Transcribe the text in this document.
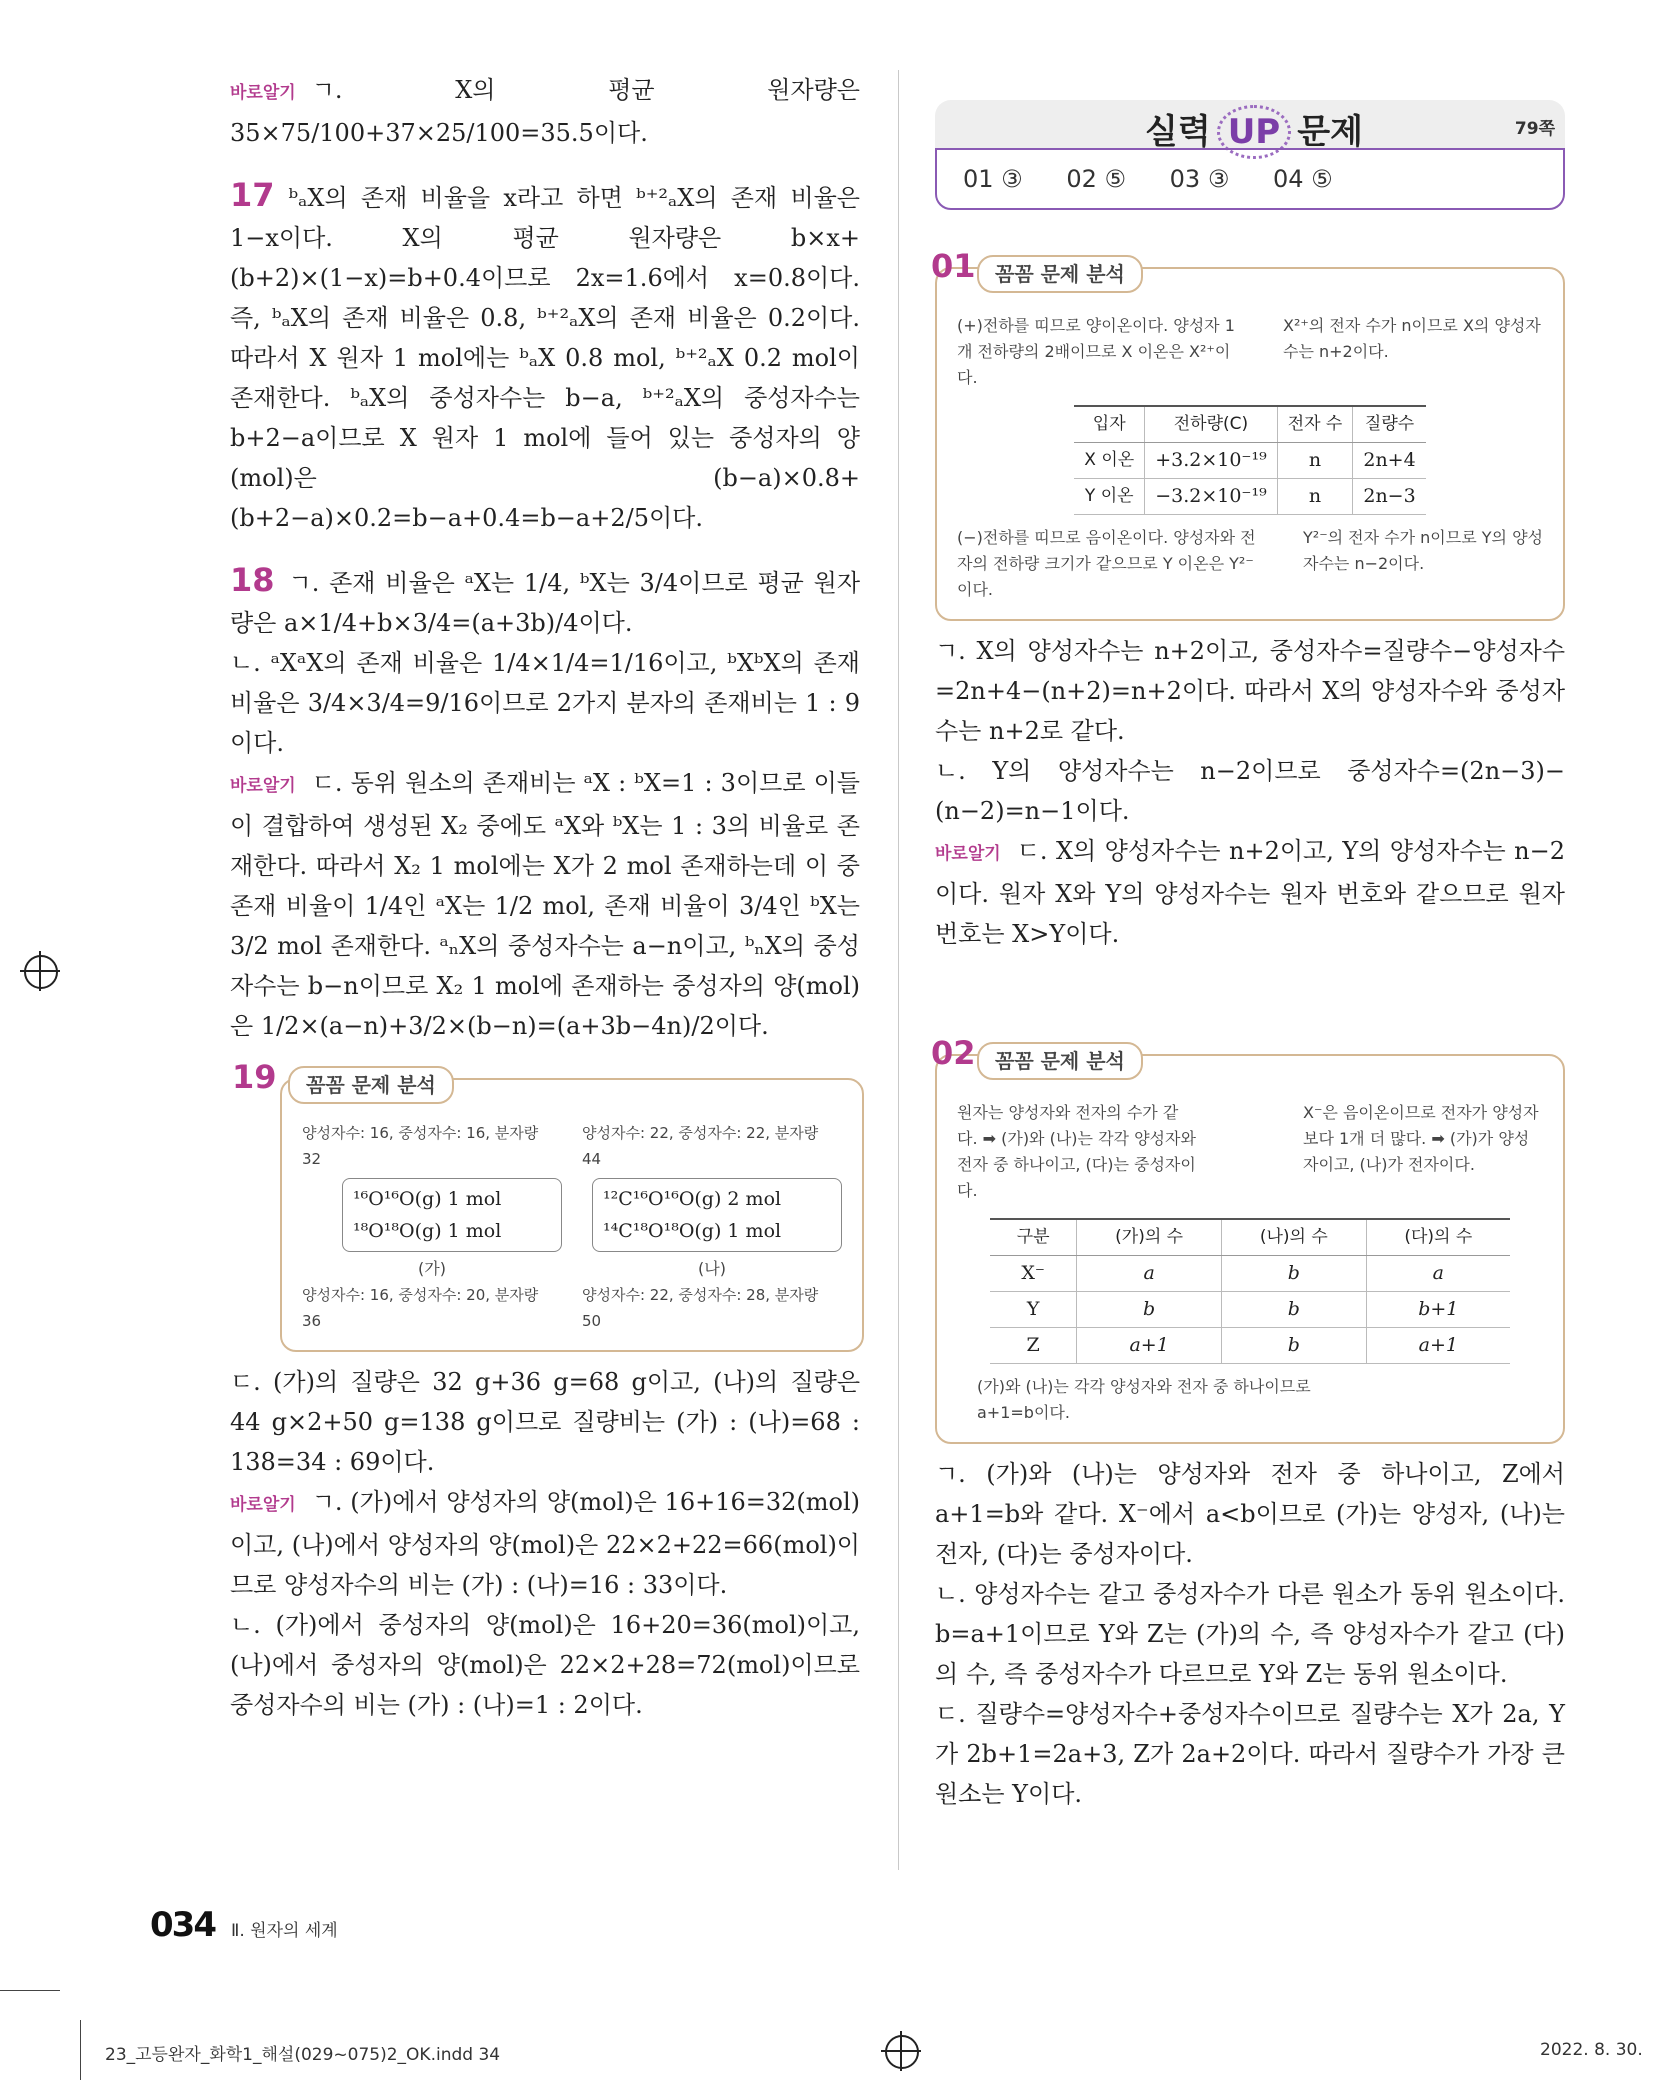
바로알기 ㄱ. X의 평균 원자량은 35×75/100+37×25/100=35.5이다.

17 ᵇₐX의 존재 비율을 x라고 하면 ᵇ⁺²ₐX의 존재 비율은 1−x이다. X의 평균 원자량은 b×x+(b+2)×(1−x)=b+0.4이므로 2x=1.6에서 x=0.8이다. 즉, ᵇₐX의 존재 비율은 0.8, ᵇ⁺²ₐX의 존재 비율은 0.2이다. 따라서 X 원자 1 mol에는 ᵇₐX 0.8 mol, ᵇ⁺²ₐX 0.2 mol이 존재한다. ᵇₐX의 중성자수는 b−a, ᵇ⁺²ₐX의 중성자수는 b+2−a이므로 X 원자 1 mol에 들어 있는 중성자의 양(mol)은 (b−a)×0.8+(b+2−a)×0.2=b−a+0.4=b−a+2/5이다.

18 ㄱ. 존재 비율은 ᵃX는 1/4, ᵇX는 3/4이므로 평균 원자량은 a×1/4+b×3/4=(a+3b)/4이다.

ㄴ. ᵃXᵃX의 존재 비율은 1/4×1/4=1/16이고, ᵇXᵇX의 존재 비율은 3/4×3/4=9/16이므로 2가지 분자의 존재비는 1 : 9이다.

바로알기 ㄷ. 동위 원소의 존재비는 ᵃX : ᵇX=1 : 3이므로 이들이 결합하여 생성된 X₂ 중에도 ᵃX와 ᵇX는 1 : 3의 비율로 존재한다. 따라서 X₂ 1 mol에는 X가 2 mol 존재하는데 이 중 존재 비율이 1/4인 ᵃX는 1/2 mol, 존재 비율이 3/4인 ᵇX는 3/2 mol 존재한다. ᵃₙX의 중성자수는 a−n이고, ᵇₙX의 중성자수는 b−n이므로 X₂ 1 mol에 존재하는 중성자의 양(mol)은 1/2×(a−n)+3/2×(b−n)=(a+3b−4n)/2이다.

19	꼼꼼 문제 분석
양성자수: 16, 중성자수: 16, 분자량 32
¹⁶O¹⁶O(g) 1 mol
¹⁸O¹⁸O(g) 1 mol
(가)
양성자수: 16, 중성자수: 20, 분자량 36
양성자수: 22, 중성자수: 22, 분자량 44
¹²C¹⁶O¹⁶O(g) 2 mol
¹⁴C¹⁸O¹⁸O(g) 1 mol
(나)
양성자수: 22, 중성자수: 28, 분자량 50

ㄷ. (가)의 질량은 32 g+36 g=68 g이고, (나)의 질량은 44 g×2+50 g=138 g이므로 질량비는 (가) : (나)=68 : 138=34 : 69이다.

바로알기 ㄱ. (가)에서 양성자의 양(mol)은 16+16=32(mol)이고, (나)에서 양성자의 양(mol)은 22×2+22=66(mol)이므로 양성자수의 비는 (가) : (나)=16 : 33이다.

ㄴ. (가)에서 중성자의 양(mol)은 16+20=36(mol)이고, (나)에서 중성자의 양(mol)은 22×2+28=72(mol)이므로 중성자수의 비는 (가) : (나)=1 : 2이다.

실력 UP 문제	79쪽
01 ③ 02 ⑤ 03 ③ 04 ⑤
01 꼼꼼 문제 분석
(+)전하를 띠므로 양이온이다. 양성자 1개 전하량의 2배이므로 X 이온은 X²⁺이다.
X²⁺의 전자 수가 n이므로 X의 양성자수는 n+2이다.
입자	전하량(C)	전자 수	질량수
X 이온	+3.2×10⁻¹⁹	n	2n+4
Y 이온	−3.2×10⁻¹⁹	n	2n−3
(−)전하를 띠므로 음이온이다. 양성자와 전자의 전하량 크기가 같으므로 Y 이온은 Y²⁻이다.
Y²⁻의 전자 수가 n이므로 Y의 양성자수는 n−2이다.

ㄱ. X의 양성자수는 n+2이고, 중성자수=질량수−양성자수=2n+4−(n+2)=n+2이다. 따라서 X의 양성자수와 중성자수는 n+2로 같다.

ㄴ. Y의 양성자수는 n−2이므로 중성자수=(2n−3)−(n−2)=n−1이다.

바로알기 ㄷ. X의 양성자수는 n+2이고, Y의 양성자수는 n−2이다. 원자 X와 Y의 양성자수는 원자 번호와 같으므로 원자 번호는 X>Y이다.

02 꼼꼼 문제 분석
원자는 양성자와 전자의 수가 같다. ➡ (가)와 (나)는 각각 양성자와 전자 중 하나이고, (다)는 중성자이다.
X⁻은 음이온이므로 전자가 양성자보다 1개 더 많다. ➡ (가)가 양성자이고, (나)가 전자이다.
구분	(가)의 수	(나)의 수	(다)의 수
X⁻	a	b	a
Y	b	b	b+1
Z	a+1	b	a+1
(가)와 (나)는 각각 양성자와 전자 중 하나이므로 a+1=b이다.

ㄱ. (가)와 (나)는 양성자와 전자 중 하나이고, Z에서 a+1=b와 같다. X⁻에서 a<b이므로 (가)는 양성자, (나)는 전자, (다)는 중성자이다.

ㄴ. 양성자수는 같고 중성자수가 다른 원소가 동위 원소이다. b=a+1이므로 Y와 Z는 (가)의 수, 즉 양성자수가 같고 (다)의 수, 즉 중성자수가 다르므로 Y와 Z는 동위 원소이다.

ㄷ. 질량수=양성자수+중성자수이므로 질량수는 X가 2a, Y가 2b+1=2a+3, Z가 2a+2이다. 따라서 질량수가 가장 큰 원소는 Y이다.

034 Ⅱ. 원자의 세계
23_고등완자_화학1_해설(029~075)2_OK.indd 34	2022. 8. 30.
